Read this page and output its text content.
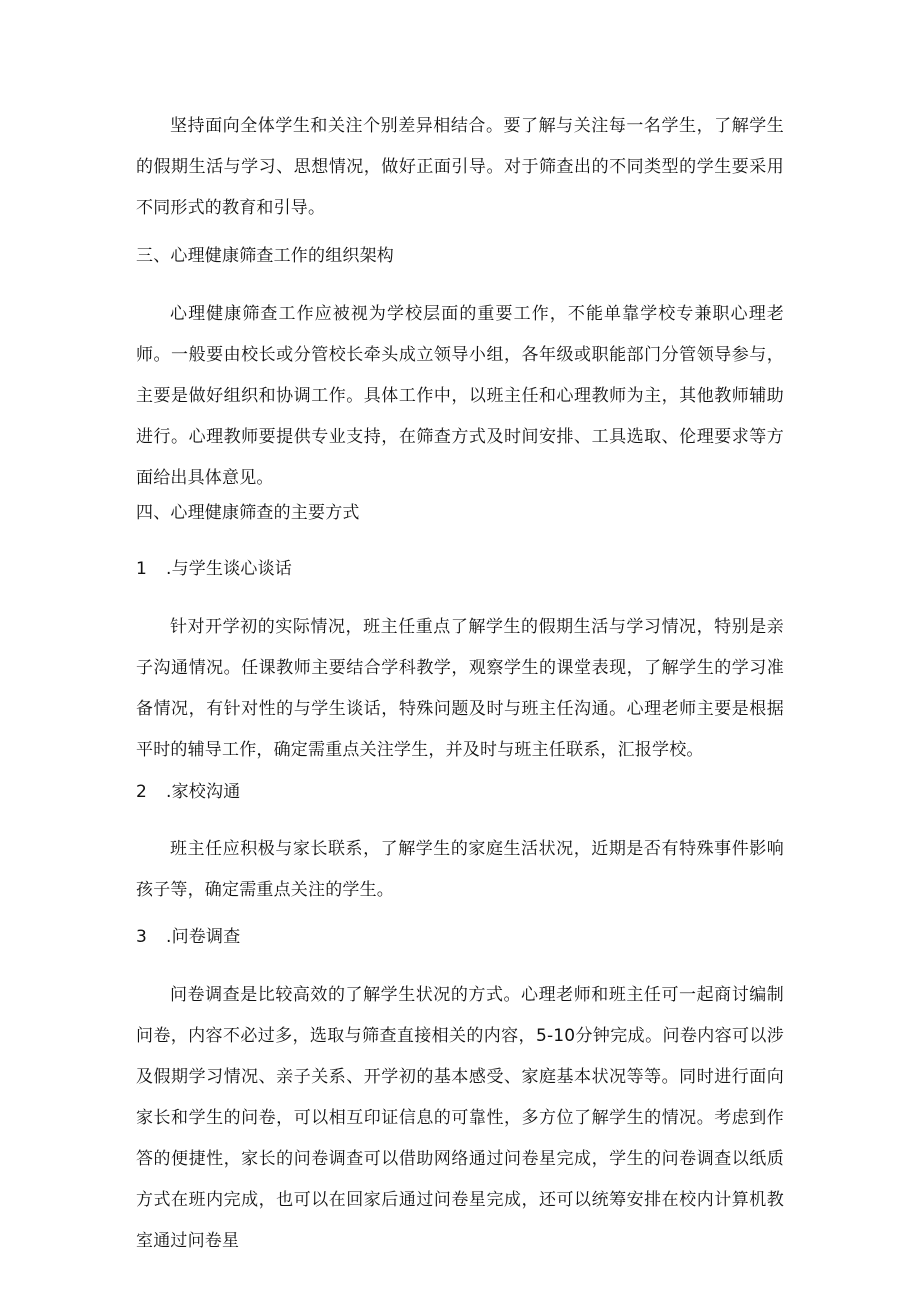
坚持面向全体学生和关注个别差异相结合。要了解与关注每一名学生，了解学生的假期生活与学习、思想情况，做好正面引导。对于筛查出的不同类型的学生要采用不同形式的教育和引导。

三、心理健康筛查工作的组织架构

心理健康筛查工作应被视为学校层面的重要工作，不能单靠学校专兼职心理老师。一般要由校长或分管校长牵头成立领导小组，各年级或职能部门分管领导参与，主要是做好组织和协调工作。具体工作中，以班主任和心理教师为主，其他教师辅助进行。心理教师要提供专业支持，在筛查方式及时间安排、工具选取、伦理要求等方面给出具体意见。

四、心理健康筛查的主要方式
1 .与学生谈心谈话

针对开学初的实际情况，班主任重点了解学生的假期生活与学习情况，特别是亲子沟通情况。任课教师主要结合学科教学，观察学生的课堂表现，了解学生的学习准备情况，有针对性的与学生谈话，特殊问题及时与班主任沟通。心理老师主要是根据平时的辅导工作，确定需重点关注学生，并及时与班主任联系，汇报学校。

2 .家校沟通

班主任应积极与家长联系，了解学生的家庭生活状况，近期是否有特殊事件影响孩子等，确定需重点关注的学生。

3 .问卷调查

问卷调查是比较高效的了解学生状况的方式。心理老师和班主任可一起商讨编制问卷，内容不必过多，选取与筛查直接相关的内容，5-10分钟完成。问卷内容可以涉及假期学习情况、亲子关系、开学初的基本感受、家庭基本状况等等。同时进行面向家长和学生的问卷，可以相互印证信息的可靠性，多方位了解学生的情况。考虑到作答的便捷性，家长的问卷调查可以借助网络通过问卷星完成，学生的问卷调查以纸质方式在班内完成，也可以在回家后通过问卷星完成，还可以统筹安排在校内计算机教室通过问卷星
